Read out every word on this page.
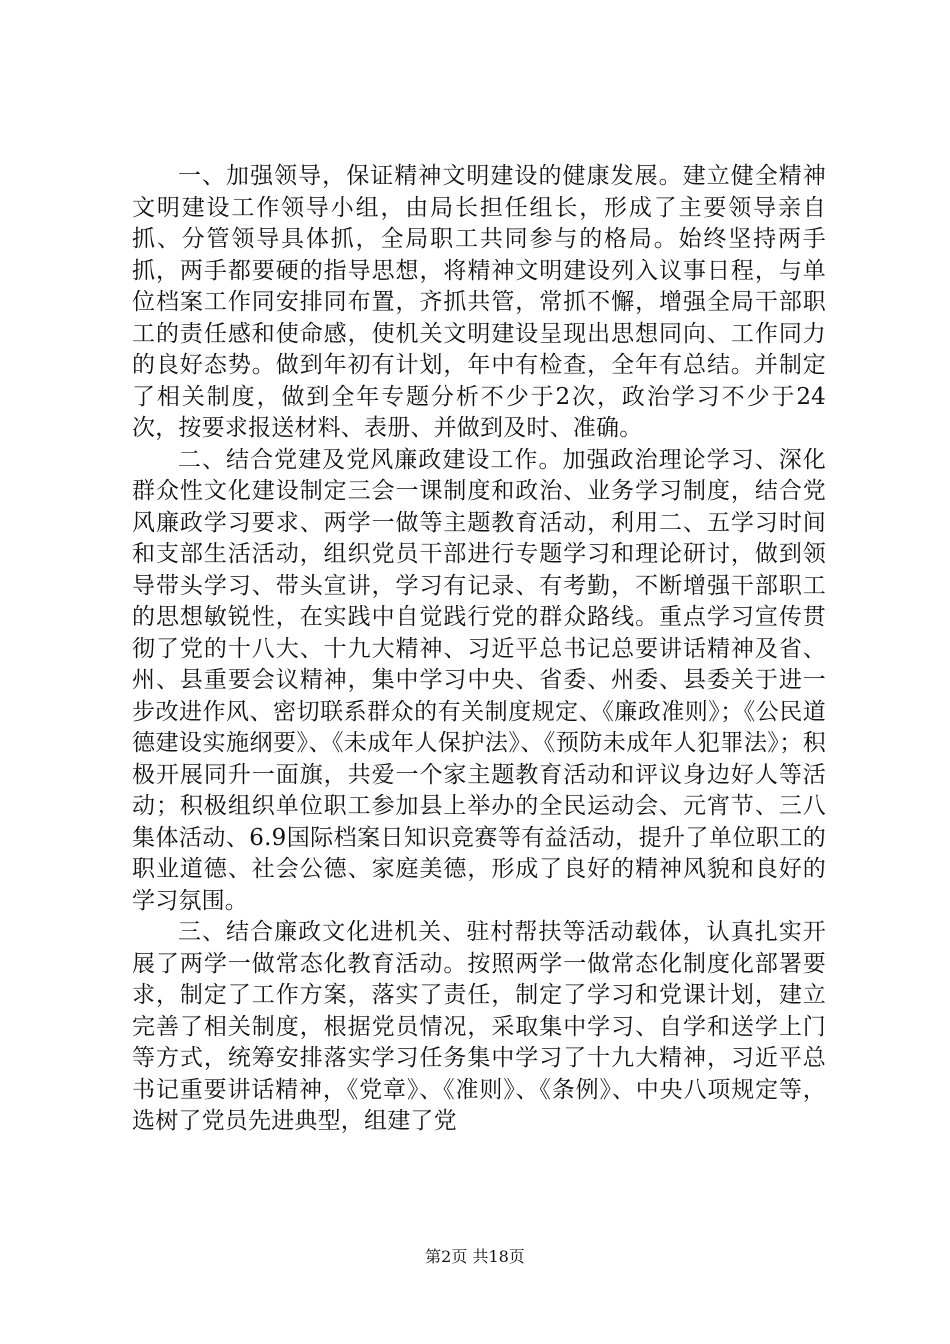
一、加强领导，保证精神文明建设的健康发展。建立健全精神文明建设工作领导小组，由局长担任组长，形成了主要领导亲自抓、分管领导具体抓，全局职工共同参与的格局。始终坚持两手抓，两手都要硬的指导思想，将精神文明建设列入议事日程，与单位档案工作同安排同布置，齐抓共管，常抓不懈，增强全局干部职工的责任感和使命感，使机关文明建设呈现出思想同向、工作同力的良好态势。做到年初有计划，年中有检查，全年有总结。并制定了相关制度，做到全年专题分析不少于2次，政治学习不少于24次，按要求报送材料、表册、并做到及时、准确。

二、结合党建及党风廉政建设工作。加强政治理论学习、深化群众性文化建设制定三会一课制度和政治、业务学习制度，结合党风廉政学习要求、两学一做等主题教育活动，利用二、五学习时间和支部生活活动，组织党员干部进行专题学习和理论研讨，做到领导带头学习、带头宣讲，学习有记录、有考勤，不断增强干部职工的思想敏锐性，在实践中自觉践行党的群众路线。重点学习宣传贯彻了党的十八大、十九大精神、习近平总书记总要讲话精神及省、州、县重要会议精神，集中学习中央、省委、州委、县委关于进一步改进作风、密切联系群众的有关制度规定、《廉政准则》；《公民道德建设实施纲要》、《未成年人保护法》、《预防未成年人犯罪法》；积极开展同升一面旗，共爱一个家主题教育活动和评议身边好人等活动；积极组织单位职工参加县上举办的全民运动会、元宵节、三八集体活动、6.9国际档案日知识竞赛等有益活动，提升了单位职工的职业道德、社会公德、家庭美德，形成了良好的精神风貌和良好的学习氛围。

三、结合廉政文化进机关、驻村帮扶等活动载体，认真扎实开展了两学一做常态化教育活动。按照两学一做常态化制度化部署要求，制定了工作方案，落实了责任，制定了学习和党课计划，建立完善了相关制度，根据党员情况，采取集中学习、自学和送学上门等方式，统筹安排落实学习任务集中学习了十九大精神，习近平总书记重要讲话精神，《党章》、《准则》、《条例》、中央八项规定等，选树了党员先进典型，组建了党

第2页 共18页
